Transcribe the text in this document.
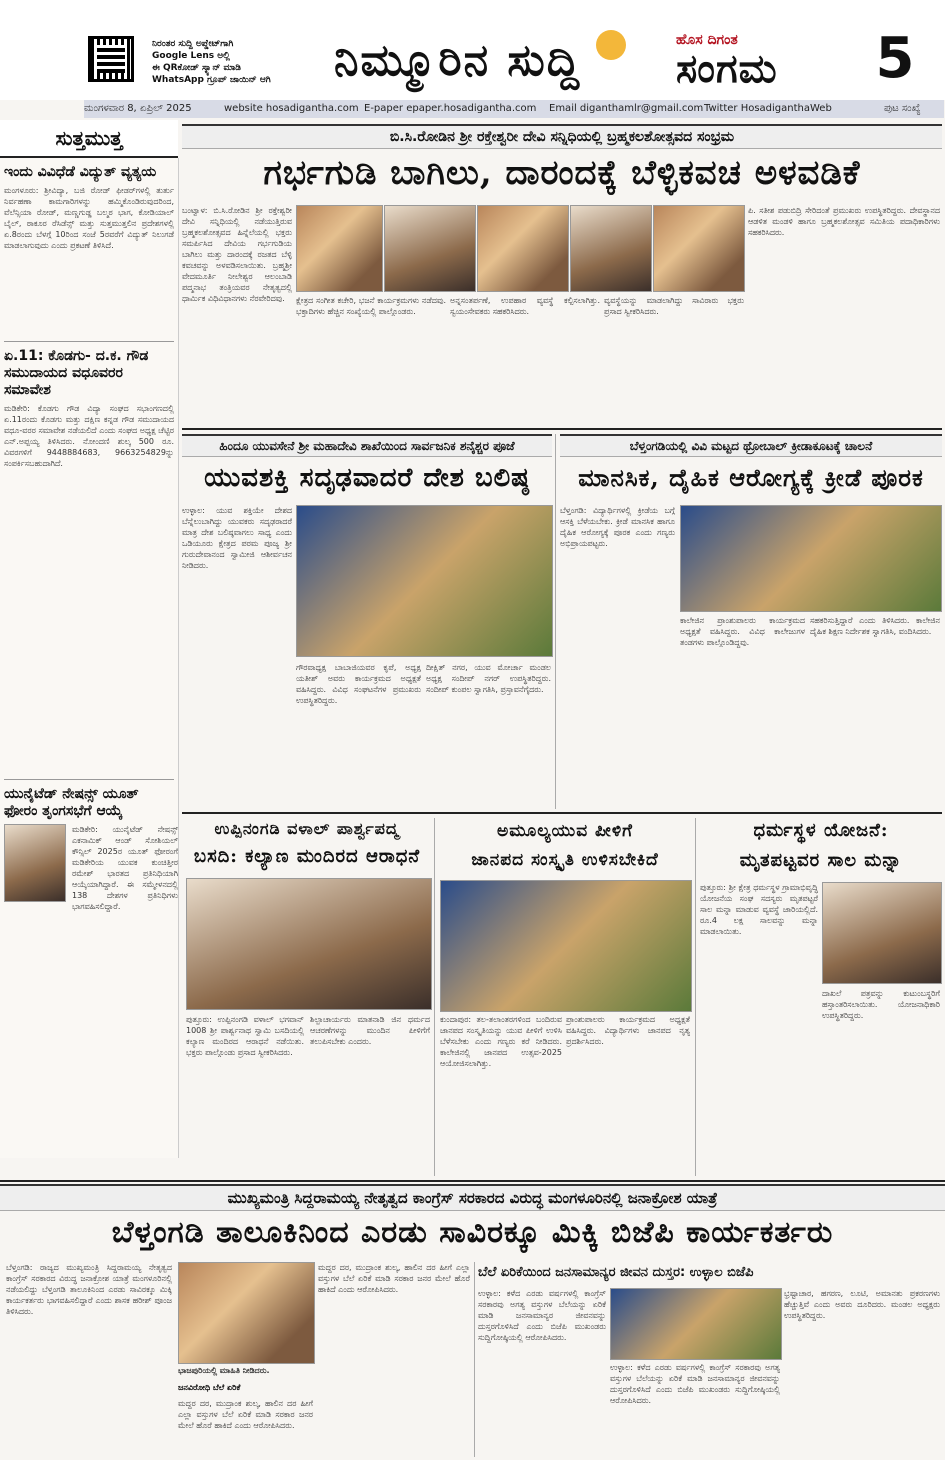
ನಿರಂತರ ಸುದ್ದಿ ಅಪ್ಡೇಟ್‌ಗಾಗಿ
Google Lens ಅಲ್ಲಿ
ಈ QRಕೋಡ್ ಸ್ಕ್ಯಾನ್ ಮಾಡಿ
WhatsApp ಗ್ರೂಪ್ ಜಾಯಿನ್ ಆಗಿ	ನಿಮ್ಮೂರಿನ ಸುದ್ದಿ	ಹೊಸ ದಿಗಂತ
ಸಂಗಮ	5
ಮಂಗಳವಾರ 8, ಏಪ್ರಿಲ್ 2025	website hosadigantha.com E-paper epaper.hosadigantha.com Email diganthamlr@gmail.com Twitter HosadiganthaWeb	ಪುಟ ಸಂಖ್ಯೆ
ಸುತ್ತಮುತ್ತ
ಇಂದು ವಿವಿಧೆಡೆ ವಿದ್ಯುತ್ ವ್ಯತ್ಯಯ
ಮಂಗಳೂರು: ಶ್ರೀವಿದ್ಯಾ, ಬಜಿ ರೋಡ್ ಫೀಡರ್‌ಗಳಲ್ಲಿ ತುರ್ತು ನಿರ್ವಹಣಾ ಕಾಮಗಾರಿಗಳನ್ನು ಹಮ್ಮಿಕೊಂಡಿರುವುದರಿಂದ, ವೆಲೆನ್ಸಿಯಾ ರೋಡ್, ಮಣ್ಣಗುಡ್ಡ ಬಲ್ಮಠ ಭಾಗ, ಕೋಡಿಯಾಲ್ ಬೈಲ್, ಠಾಕೂರ ರೆಸಿಡೆನ್ಸ್ ಮತ್ತು ಸುತ್ತಮುತ್ತಲಿನ ಪ್ರದೇಶಗಳಲ್ಲಿ ಏ.8ರಂದು ಬೆಳಗ್ಗೆ 10ರಿಂದ ಸಂಜೆ 5ರವರೆಗೆ ವಿದ್ಯುತ್ ನಿಲುಗಡೆ ಮಾಡಲಾಗುವುದು ಎಂದು ಪ್ರಕಟಣೆ ತಿಳಿಸಿದೆ.
ಏ.11: ಕೊಡಗು- ದ.ಕ. ಗೌಡ ಸಮುದಾಯದ ವಧೂವರರ ಸಮಾವೇಶ
ಮಡಿಕೇರಿ: ಕೊಡಗು ಗೌಡ ವಿದ್ಯಾ ಸಂಘದ ಸಭಾಂಗಣದಲ್ಲಿ ಏ.11ರಂದು ಕೊಡಗು ಮತ್ತು ದಕ್ಷಿಣ ಕನ್ನಡ ಗೌಡ ಸಮುದಾಯದ ವಧೂ-ವರರ ಸಮಾವೇಶ ನಡೆಯಲಿದೆ ಎಂದು ಸಂಘದ ಅಧ್ಯಕ್ಷ ಚೆಟ್ಟಿರ ಎನ್.ಅಪ್ಪಯ್ಯ ತಿಳಿಸಿದರು. ನೋಂದಣಿ ಶುಲ್ಕ 500 ರೂ. ವಿವರಗಳಿಗೆ 9448884683, 9663254829ನ್ನು ಸಂಪರ್ಕಿಸಬಹುದಾಗಿದೆ.
ಯುನೈಟೆಡ್ ನೇಷನ್ಸ್ ಯೂತ್ ಫೋರಂ ತೃಂಗಸಭೆಗೆ ಆಯ್ಕೆ
ಮಡಿಕೇರಿ: ಯುನೈಟೆಡ್ ನೇಷನ್ಸ್ ಎಕನಾಮಿಕ್ ಆಂಡ್ ಸೋಶಿಯಲ್ ಕೌನ್ಸಿಲ್ 2025ರ ಯೂತ್ ಫೋರಂಗೆ ಮಡಿಕೇರಿಯ ಯುವಕ ಕುಂಚಿತ್ತೀರ ರಮೇಶ್ ಭಾರತದ ಪ್ರತಿನಿಧಿಯಾಗಿ ಆಯ್ಕೆಯಾಗಿದ್ದಾರೆ. ಈ ಸಮ್ಮೇಳನದಲ್ಲಿ 138 ದೇಶಗಳ ಪ್ರತಿನಿಧಿಗಳು ಭಾಗವಹಿಸಲಿದ್ದಾರೆ.
ಬಿ.ಸಿ.ರೋಡಿನ ಶ್ರೀ ರಕ್ತೇಶ್ವರೀ ದೇವಿ ಸನ್ನಿಧಿಯಲ್ಲಿ ಬ್ರಹ್ಮಕಲಶೋತ್ಸವದ ಸಂಭ್ರಮ
ಗರ್ಭಗುಡಿ ಬಾಗಿಲು, ದಾರಂದಕ್ಕೆ ಬೆಳ್ಳಿಕವಚ ಅಳವಡಿಕೆ
ಬಂಟ್ವಾಳ: ಬಿ.ಸಿ.ರೋಡಿನ ಶ್ರೀ ರಕ್ತೇಶ್ವರೀ ದೇವಿ ಸನ್ನಿಧಿಯಲ್ಲಿ ನಡೆಯುತ್ತಿರುವ ಬ್ರಹ್ಮಕಲಶೋತ್ಸವದ ಹಿನ್ನೆಲೆಯಲ್ಲಿ ಭಕ್ತರು ಸಮರ್ಪಿಸಿದ ದೇವಿಯ ಗರ್ಭಗುಡಿಯ ಬಾಗಿಲು ಮತ್ತು ದಾರಂದಕ್ಕೆ ರಜತದ ಬೆಳ್ಳಿ ಕವಚವನ್ನು ಅಳವಡಿಸಲಾಯಿತು. ಬ್ರಹ್ಮಶ್ರೀ ವೇದಮೂರ್ತಿ ನೀಲೇಶ್ವರ ಆಲಂಬಾಡಿ ಪದ್ಮನಾಭ ತಂತ್ರಿಯವರ ನೇತೃತ್ವದಲ್ಲಿ ಧಾರ್ಮಿಕ ವಿಧಿವಿಧಾನಗಳು ನೆರವೇರಿದವು.	ಕ್ಷೇತ್ರದ ಸಂಗೀತ ಕಚೇರಿ, ಭಜನೆ ಕಾರ್ಯಕ್ರಮಗಳು ನಡೆದವು. ಭಕ್ತಾದಿಗಳು ಹೆಚ್ಚಿನ ಸಂಖ್ಯೆಯಲ್ಲಿ ಪಾಲ್ಗೊಂಡರು.
ಅನ್ನಸಂತರ್ಪಣೆ, ಉಪಹಾರ ವ್ಯವಸ್ಥೆ ಕಲ್ಪಿಸಲಾಗಿತ್ತು. ಸ್ವಯಂಸೇವಕರು ಸಹಕರಿಸಿದರು.
ವ್ಯವಸ್ಥೆಯನ್ನು ಮಾಡಲಾಗಿದ್ದು ಸಾವಿರಾರು ಭಕ್ತರು ಪ್ರಸಾದ ಸ್ವೀಕರಿಸಿದರು.
ಪಿ. ಸತೀಶ ಪಡುಬಿದ್ರಿ ಸೇರಿದಂತೆ ಪ್ರಮುಖರು ಉಪಸ್ಥಿತರಿದ್ದರು. ದೇವಸ್ಥಾನದ ಆಡಳಿತ ಮಂಡಳಿ ಹಾಗೂ ಬ್ರಹ್ಮಕಲಶೋತ್ಸವ ಸಮಿತಿಯ ಪದಾಧಿಕಾರಿಗಳು ಸಹಕರಿಸಿದರು.
ಹಿಂದೂ ಯುವಸೇನೆ ಶ್ರೀ ಮಹಾದೇವಿ ಶಾಖೆಯಿಂದ ಸಾರ್ವಜನಿಕ ಶನೈಶ್ಚರ ಪೂಜೆ
ಯುವಶಕ್ತಿ ಸದೃಢವಾದರೆ ದೇಶ ಬಲಿಷ್ಠ
ಉಳ್ಳಾಲ: ಯುವ ಶಕ್ತಿಯೇ ದೇಶದ ಬೆನ್ನೆಲುಬಾಗಿದ್ದು ಯುವಕರು ಸದೃಢರಾದರೆ ಮಾತ್ರ ದೇಶ ಬಲಿಷ್ಠವಾಗಲು ಸಾಧ್ಯ ಎಂದು ಒಡಿಯೂರು ಕ್ಷೇತ್ರದ ಪರಮ ಪೂಜ್ಯ ಶ್ರೀ ಗುರುದೇವಾನಂದ ಸ್ವಾಮೀಜಿ ಆಶೀರ್ವಚನ ನೀಡಿದರು.
ಗೌರವಾಧ್ಯಕ್ಷ ಬಾಬಾಜಿಯವರ ಕೃಪೆ, ಅಧ್ಯಕ್ಷ ಯತೀಶ್ ಅವರು ಕಾರ್ಯಕ್ರಮದ ಅಧ್ಯಕ್ಷತೆ ವಹಿಸಿದ್ದರು. ವಿವಿಧ ಸಂಘಟನೆಗಳ ಪ್ರಮುಖರು ಉಪಸ್ಥಿತರಿದ್ದರು.
ದೀಕ್ಷಿತ್ ನಗರ, ಯುವ ಮೋರ್ಚಾ ಮಂಡಲ ಅಧ್ಯಕ್ಷ ಸಂದೀಪ್ ನಗರ್ ಉಪಸ್ಥಿತರಿದ್ದರು. ಸಂದೀಪ್ ಕುಂಪಲ ಸ್ವಾಗತಿಸಿ, ಪ್ರಸ್ತಾವನೆಗೈದರು.
ಬೆಳ್ತಂಗಡಿಯಲ್ಲಿ ವಿವಿ ಮಟ್ಟದ ಥ್ರೋಬಾಲ್ ಕ್ರೀಡಾಕೂಟಕ್ಕೆ ಚಾಲನೆ
ಮಾನಸಿಕ, ದೈಹಿಕ ಆರೋಗ್ಯಕ್ಕೆ ಕ್ರೀಡೆ ಪೂರಕ
ಬೆಳ್ತಂಗಡಿ: ವಿದ್ಯಾರ್ಥಿಗಳಲ್ಲಿ ಕ್ರೀಡೆಯ ಬಗ್ಗೆ ಆಸಕ್ತಿ ಬೆಳೆಯಬೇಕು. ಕ್ರೀಡೆ ಮಾನಸಿಕ ಹಾಗೂ ದೈಹಿಕ ಆರೋಗ್ಯಕ್ಕೆ ಪೂರಕ ಎಂದು ಗಣ್ಯರು ಅಭಿಪ್ರಾಯಪಟ್ಟರು.
ಕಾಲೇಜಿನ ಪ್ರಾಂಶುಪಾಲರು ಕಾರ್ಯಕ್ರಮದ ಅಧ್ಯಕ್ಷತೆ ವಹಿಸಿದ್ದರು. ವಿವಿಧ ಕಾಲೇಜುಗಳ ತಂಡಗಳು ಪಾಲ್ಗೊಂಡಿದ್ದವು.
ಸಹಕರಿಸುತ್ತಿದ್ದಾರೆ ಎಂದು ತಿಳಿಸಿದರು. ಕಾಲೇಜಿನ ದೈಹಿಕ ಶಿಕ್ಷಣ ನಿರ್ದೇಶಕ ಸ್ವಾಗತಿಸಿ, ವಂದಿಸಿದರು.
ಉಪ್ಪಿನಂಗಡಿ ವಳಾಲ್ ಪಾರ್ಶ್ವಪದ್ಮ
ಬಸದಿ: ಕಲ್ಯಾಣ ಮಂದಿರದ ಆರಾಧನೆ
ಪುತ್ತೂರು: ಉಪ್ಪಿನಂಗಡಿ ವಳಾಲ್ ಭಗವಾನ್ 1008 ಶ್ರೀ ಪಾರ್ಶ್ವನಾಥ ಸ್ವಾಮಿ ಬಸದಿಯಲ್ಲಿ ಕಲ್ಯಾಣ ಮಂದಿರದ ಆರಾಧನೆ ನಡೆಯಿತು. ಭಕ್ತರು ಪಾಲ್ಗೊಂಡು ಪ್ರಸಾದ ಸ್ವೀಕರಿಸಿದರು.
ಶಿಲ್ಪಾಚಾರ್ಯರು ಮಾತನಾಡಿ ಜಿನ ಧರ್ಮದ ಆಚರಣೆಗಳನ್ನು ಮುಂದಿನ ಪೀಳಿಗೆಗೆ ತಲುಪಿಸಬೇಕು ಎಂದರು.
ಅಮೂಲ್ಯಯುವ ಪೀಳಿಗೆ
ಜಾನಪದ ಸಂಸ್ಕೃತಿ ಉಳಿಸಬೇಕಿದೆ
ಕುಂದಾಪುರ: ತಲ-ತಲಾಂತರಗಳಿಂದ ಬಂದಿರುವ ಜಾನಪದ ಸಂಸ್ಕೃತಿಯನ್ನು ಯುವ ಪೀಳಿಗೆ ಉಳಿಸಿ ಬೆಳೆಸಬೇಕು ಎಂದು ಗಣ್ಯರು ಕರೆ ನೀಡಿದರು. ಕಾಲೇಜಿನಲ್ಲಿ ಜಾನಪದ ಉತ್ಸವ-2025 ಆಯೋಜಿಸಲಾಗಿತ್ತು.
ಪ್ರಾಂಶುಪಾಲರು ಕಾರ್ಯಕ್ರಮದ ಅಧ್ಯಕ್ಷತೆ ವಹಿಸಿದ್ದರು. ವಿದ್ಯಾರ್ಥಿಗಳು ಜಾನಪದ ನೃತ್ಯ ಪ್ರದರ್ಶಿಸಿದರು.
ಧರ್ಮಸ್ಥಳ ಯೋಜನೆ:
ಮೃತಪಟ್ಟವರ ಸಾಲ ಮನ್ನಾ
ಪುತ್ತೂರು: ಶ್ರೀ ಕ್ಷೇತ್ರ ಧರ್ಮಸ್ಥಳ ಗ್ರಾಮಾಭಿವೃದ್ಧಿ ಯೋಜನೆಯ ಸಂಘ ಸದಸ್ಯರು ಮೃತಪಟ್ಟರೆ ಸಾಲ ಮನ್ನಾ ಮಾಡುವ ವ್ಯವಸ್ಥೆ ಜಾರಿಯಲ್ಲಿದೆ. ರೂ.4 ಲಕ್ಷ ಸಾಲವನ್ನು ಮನ್ನಾ ಮಾಡಲಾಯಿತು.
ದಾಖಲೆ ಪತ್ರವನ್ನು ಕುಟುಂಬಸ್ಥರಿಗೆ ಹಸ್ತಾಂತರಿಸಲಾಯಿತು. ಯೋಜನಾಧಿಕಾರಿ ಉಪಸ್ಥಿತರಿದ್ದರು.
ಮುಖ್ಯಮಂತ್ರಿ ಸಿದ್ದರಾಮಯ್ಯ ನೇತೃತ್ವದ ಕಾಂಗ್ರೆಸ್ ಸರಕಾರದ ವಿರುದ್ಧ ಮಂಗಳೂರಿನಲ್ಲಿ ಜನಾಕ್ರೋಶ ಯಾತ್ರೆ
ಬೆಳ್ತಂಗಡಿ ತಾಲೂಕಿನಿಂದ ಎರಡು ಸಾವಿರಕ್ಕೂ ಮಿಕ್ಕಿ ಬಿಜೆಪಿ ಕಾರ್ಯಕರ್ತರು
ಬೆಳ್ತಂಗಡಿ: ರಾಜ್ಯದ ಮುಖ್ಯಮಂತ್ರಿ ಸಿದ್ದರಾಮಯ್ಯ ನೇತೃತ್ವದ ಕಾಂಗ್ರೆಸ್ ಸರಕಾರದ ವಿರುದ್ಧ ಜನಾಕ್ರೋಶ ಯಾತ್ರೆ ಮಂಗಳೂರಿನಲ್ಲಿ ನಡೆಯಲಿದ್ದು ಬೆಳ್ತಂಗಡಿ ತಾಲೂಕಿನಿಂದ ಎರಡು ಸಾವಿರಕ್ಕೂ ಮಿಕ್ಕಿ ಕಾರ್ಯಕರ್ತರು ಭಾಗವಹಿಸಲಿದ್ದಾರೆ ಎಂದು ಶಾಸಕ ಹರೀಶ್ ಪೂಂಜ ತಿಳಿಸಿದರು.
ಭಾಜಪುರಿಯಲ್ಲಿ ಮಾಹಿತಿ ನೀಡಿದರು.
ಜನವಿರೋಧಿ ಬೆಲೆ ಏರಿಕೆ
ಮದ್ದರ ದರ, ಮುದ್ರಾಂಕ ಶುಲ್ಕ, ಹಾಲಿನ ದರ ಹೀಗೆ ಎಲ್ಲಾ ವಸ್ತುಗಳ ಬೆಲೆ ಏರಿಕೆ ಮಾಡಿ ಸರಕಾರ ಜನರ ಮೇಲೆ ಹೊರೆ ಹಾಕಿದೆ ಎಂದು ಆರೋಪಿಸಿದರು.
ಮದ್ದರ ದರ, ಮುದ್ರಾಂಕ ಶುಲ್ಕ, ಹಾಲಿನ ದರ ಹೀಗೆ ಎಲ್ಲಾ ವಸ್ತುಗಳ ಬೆಲೆ ಏರಿಕೆ ಮಾಡಿ ಸರಕಾರ ಜನರ ಮೇಲೆ ಹೊರೆ ಹಾಕಿದೆ ಎಂದು ಆರೋಪಿಸಿದರು.
ಬೆಲೆ ಏರಿಕೆಯಿಂದ ಜನಸಾಮಾನ್ಯರ ಜೀವನ ದುಸ್ತರ: ಉಳ್ಳಾಲ ಬಿಜೆಪಿ
ಉಳ್ಳಾಲ: ಕಳೆದ ಎರಡು ವರ್ಷಗಳಲ್ಲಿ ಕಾಂಗ್ರೆಸ್ ಸರಕಾರವು ಅಗತ್ಯ ವಸ್ತುಗಳ ಬೆಲೆಯನ್ನು ಏರಿಕೆ ಮಾಡಿ ಜನಸಾಮಾನ್ಯರ ಜೀವನವನ್ನು ದುಸ್ತರಗೊಳಿಸಿದೆ ಎಂದು ಬಿಜೆಪಿ ಮುಖಂಡರು ಸುದ್ದಿಗೋಷ್ಠಿಯಲ್ಲಿ ಆರೋಪಿಸಿದರು.
ಉಳ್ಳಾಲ: ಕಳೆದ ಎರಡು ವರ್ಷಗಳಲ್ಲಿ ಕಾಂಗ್ರೆಸ್ ಸರಕಾರವು ಅಗತ್ಯ ವಸ್ತುಗಳ ಬೆಲೆಯನ್ನು ಏರಿಕೆ ಮಾಡಿ ಜನಸಾಮಾನ್ಯರ ಜೀವನವನ್ನು ದುಸ್ತರಗೊಳಿಸಿದೆ ಎಂದು ಬಿಜೆಪಿ ಮುಖಂಡರು ಸುದ್ದಿಗೋಷ್ಠಿಯಲ್ಲಿ ಆರೋಪಿಸಿದರು.
ಭ್ರಷ್ಟಾಚಾರ, ಹಗರಣ, ಲೂಟಿ, ಅಮಾನತು ಪ್ರಕರಣಗಳು ಹೆಚ್ಚುತ್ತಿವೆ ಎಂದು ಅವರು ದೂರಿದರು. ಮಂಡಲ ಅಧ್ಯಕ್ಷರು ಉಪಸ್ಥಿತರಿದ್ದರು.
